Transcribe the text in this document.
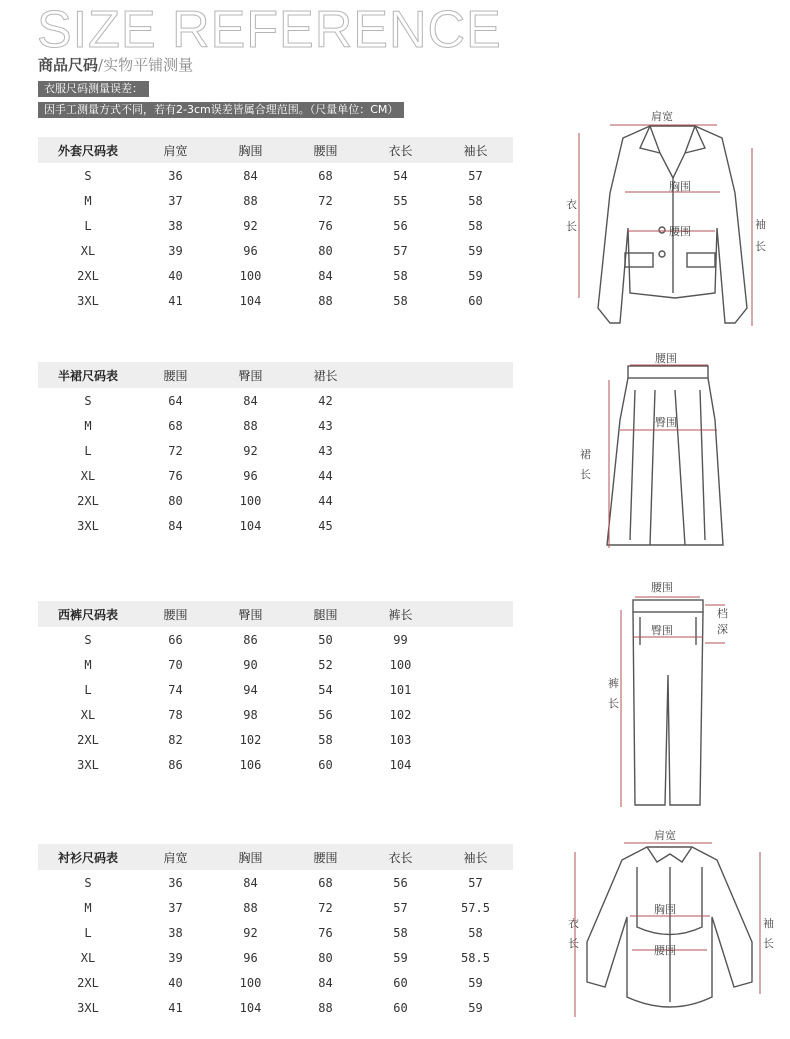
SIZE REFERENCE
商品尺码/实物平铺测量
衣服尺码测量误差：
因手工测量方式不同，若有2-3cm误差皆属合理范围。（尺量单位：CM）
外套尺码表	肩宽	胸围	腰围	衣长	袖长
S	36	84	68	54	57
M	37	88	72	55	58
L	38	92	76	56	58
XL	39	96	80	57	59
2XL	40	100	84	58	59
3XL	41	104	88	58	60
半裙尺码表	腰围	臀围	裙长		
S	64	84	42		
M	68	88	43		
L	72	92	43		
XL	76	96	44		
2XL	80	100	44		
3XL	84	104	45		
西裤尺码表	腰围	臀围	腿围	裤长	
S	66	86	50	99	
M	70	90	52	100	
L	74	94	54	101	
XL	78	98	56	102	
2XL	82	102	58	103	
3XL	86	106	60	104	
衬衫尺码表	肩宽	胸围	腰围	衣长	袖长
S	36	84	68	56	57
M	37	88	72	57	57.5
L	38	92	76	58	58
XL	39	96	80	59	58.5
2XL	40	100	84	60	59
3XL	41	104	88	60	59
肩宽
胸围
腰围
衣
长	袖
长
腰围
臀围
裙
长
腰围
臀围
档
深
裤
长
肩宽
胸围
腰围
衣
长
袖
长
